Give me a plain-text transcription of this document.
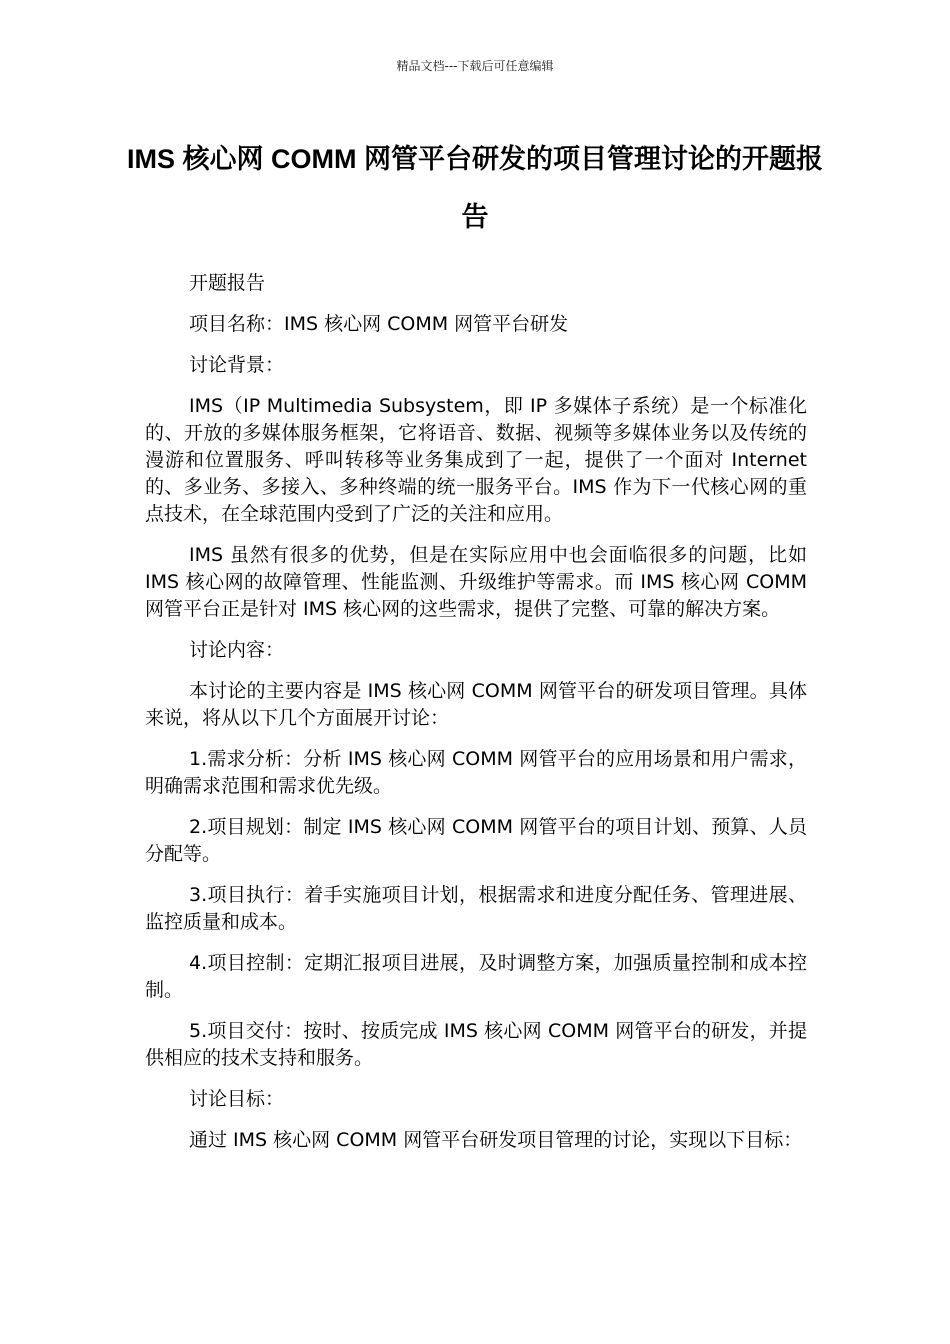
精品文档---下载后可任意编辑
IMS 核心网 COMM 网管平台研发的项目管理讨论的开题报告

开题报告

项目名称：IMS 核心网 COMM 网管平台研发

讨论背景：

IMS（IP Multimedia Subsystem，即 IP 多媒体子系统）是一个标准化的、开放的多媒体服务框架，它将语音、数据、视频等多媒体业务以及传统的漫游和位置服务、呼叫转移等业务集成到了一起，提供了一个面对 Internet 的、多业务、多接入、多种终端的统一服务平台。IMS 作为下一代核心网的重点技术，在全球范围内受到了广泛的关注和应用。

IMS 虽然有很多的优势，但是在实际应用中也会面临很多的问题，比如 IMS 核心网的故障管理、性能监测、升级维护等需求。而 IMS 核心网 COMM 网管平台正是针对 IMS 核心网的这些需求，提供了完整、可靠的解决方案。

讨论内容：

本讨论的主要内容是 IMS 核心网 COMM 网管平台的研发项目管理。具体来说，将从以下几个方面展开讨论：

1.需求分析：分析 IMS 核心网 COMM 网管平台的应用场景和用户需求，明确需求范围和需求优先级。

2.项目规划：制定 IMS 核心网 COMM 网管平台的项目计划、预算、人员分配等。

3.项目执行：着手实施项目计划，根据需求和进度分配任务、管理进展、监控质量和成本。

4.项目控制：定期汇报项目进展，及时调整方案，加强质量控制和成本控制。

5.项目交付：按时、按质完成 IMS 核心网 COMM 网管平台的研发，并提供相应的技术支持和服务。

讨论目标：

通过 IMS 核心网 COMM 网管平台研发项目管理的讨论，实现以下目标：
